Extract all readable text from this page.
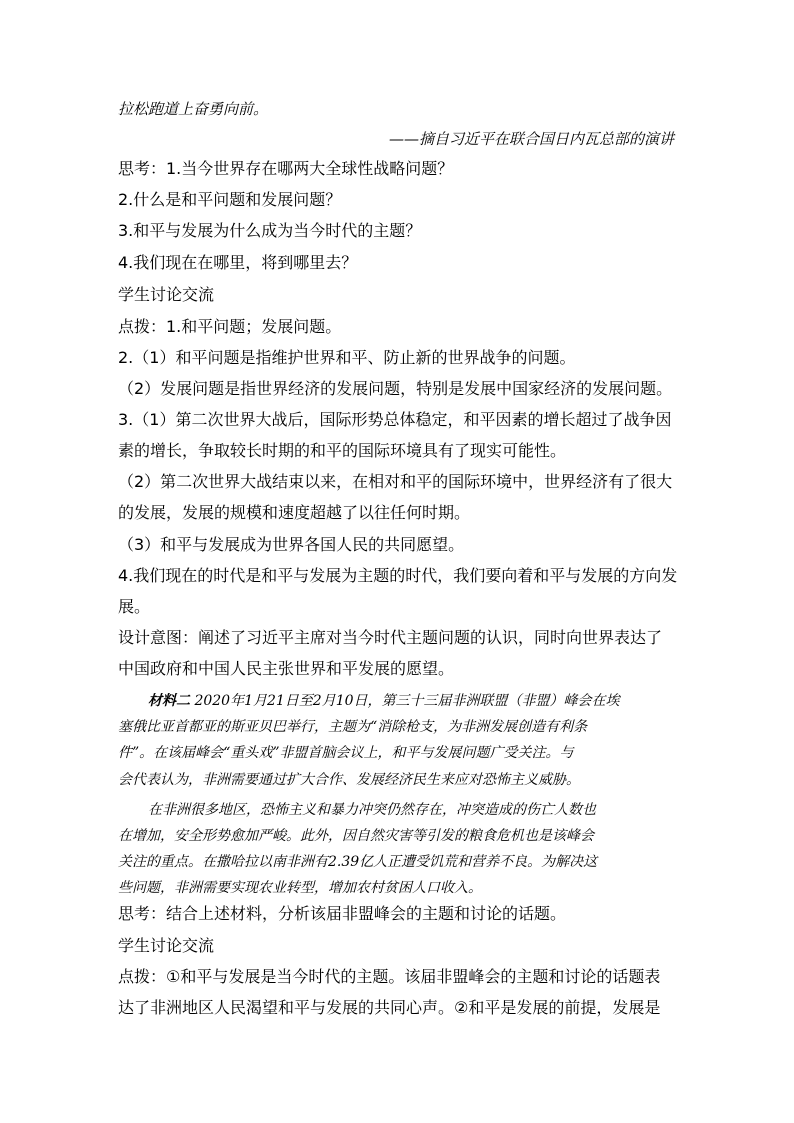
拉松跑道上奋勇向前。
——摘自习近平在联合国日内瓦总部的演讲
思考：1.当今世界存在哪两大全球性战略问题？
2.什么是和平问题和发展问题？
3.和平与发展为什么成为当今时代的主题？
4.我们现在在哪里，将到哪里去？
学生讨论交流
点拨：1.和平问题；发展问题。
2.（1）和平问题是指维护世界和平、防止新的世界战争的问题。
（2）发展问题是指世界经济的发展问题，特别是发展中国家经济的发展问题。
3.（1）第二次世界大战后，国际形势总体稳定，和平因素的增长超过了战争因
素的增长，争取较长时期的和平的国际环境具有了现实可能性。
（2）第二次世界大战结束以来，在相对和平的国际环境中，世界经济有了很大
的发展，发展的规模和速度超越了以往任何时期。
（3）和平与发展成为世界各国人民的共同愿望。
4.我们现在的时代是和平与发展为主题的时代，我们要向着和平与发展的方向发
展。
设计意图：阐述了习近平主席对当今时代主题问题的认识，同时向世界表达了
中国政府和中国人民主张世界和平发展的愿望。
材料二 2020年1月21日至2月10日，第三十三届非洲联盟（非盟）峰会在埃
塞俄比亚首都亚的斯亚贝巴举行，主题为“消除枪支，为非洲发展创造有利条
件”。在该届峰会“重头戏”非盟首脑会议上，和平与发展问题广受关注。与
会代表认为，非洲需要通过扩大合作、发展经济民生来应对恐怖主义威胁。
在非洲很多地区，恐怖主义和暴力冲突仍然存在，冲突造成的伤亡人数也
在增加，安全形势愈加严峻。此外，因自然灾害等引发的粮食危机也是该峰会
关注的重点。在撒哈拉以南非洲有2.39亿人正遭受饥荒和营养不良。为解决这
些问题，非洲需要实现农业转型，增加农村贫困人口收入。
思考：结合上述材料，分析该届非盟峰会的主题和讨论的话题。
学生讨论交流
点拨：①和平与发展是当今时代的主题。该届非盟峰会的主题和讨论的话题表
达了非洲地区人民渴望和平与发展的共同心声。②和平是发展的前提，发展是
